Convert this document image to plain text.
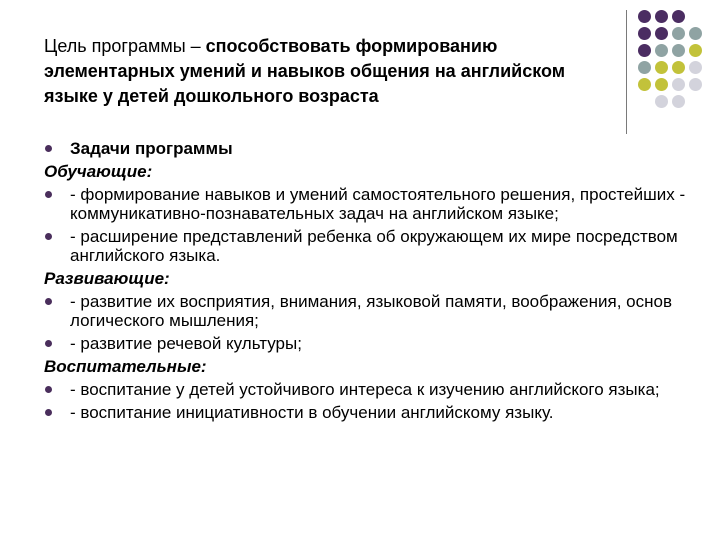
Цель программы – способствовать формированию элементарных умений и навыков общения на английском языке у детей дошкольного возраста
Задачи программы
Обучающие:
- формирование навыков и умений самостоятельного решения, простейших - коммуникативно-познавательных задач на английском языке;
- расширение представлений ребенка об окружающем их мире посредством английского языка.
Развивающие:
- развитие их восприятия, внимания, языковой памяти, воображения, основ логического мышления;
- развитие речевой культуры;
Воспитательные:
- воспитание у детей устойчивого интереса к изучению английского языка;
- воспитание инициативности в обучении английскому языку.
